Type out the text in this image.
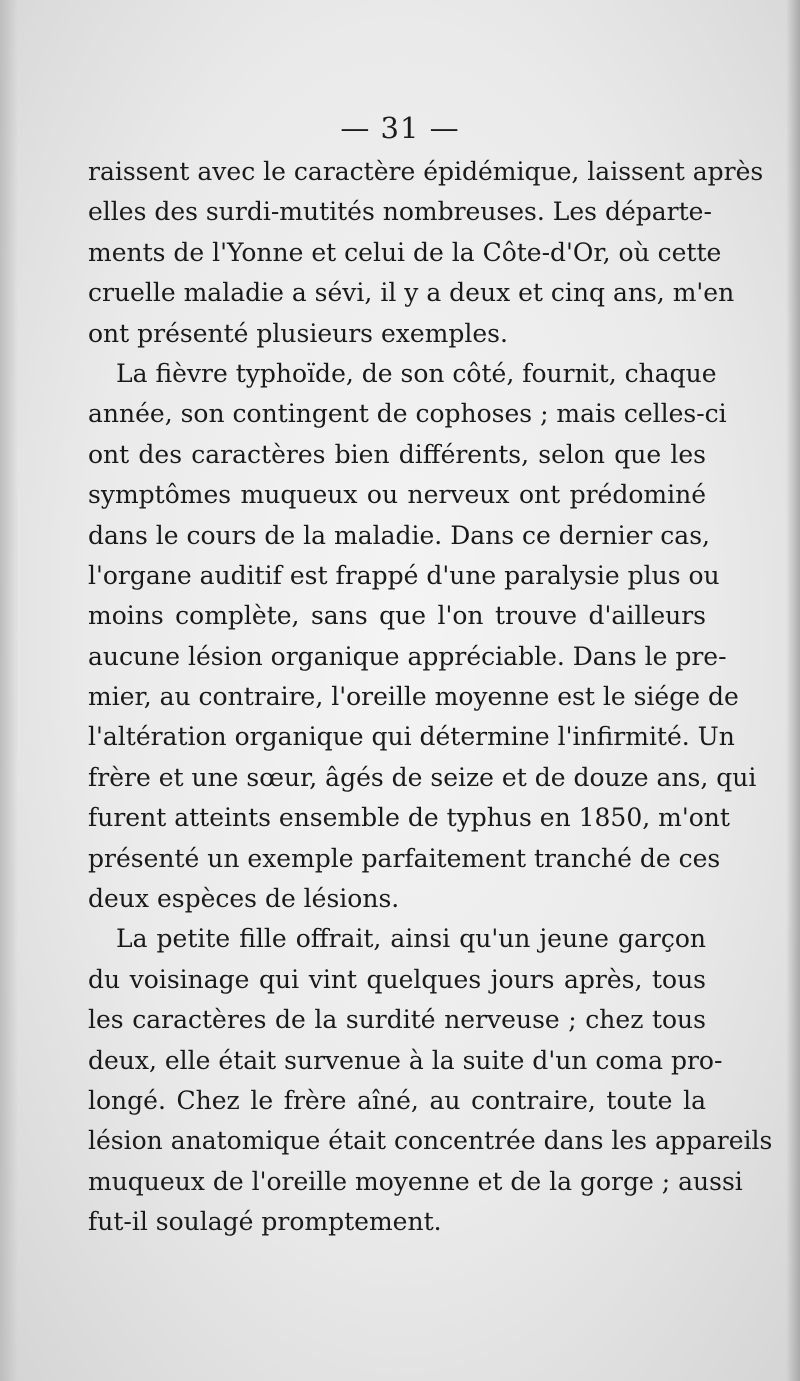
— 31 —
raissent avec le caractère épidémique, laissent après
elles des surdi-mutités nombreuses. Les départe-
ments de l'Yonne et celui de la Côte-d'Or, où cette
cruelle maladie a sévi, il y a deux et cinq ans, m'en
ont présenté plusieurs exemples.
La fièvre typhoïde, de son côté, fournit, chaque
année, son contingent de cophoses ; mais celles-ci
ont des caractères bien différents, selon que les
symptômes muqueux ou nerveux ont prédominé
dans le cours de la maladie. Dans ce dernier cas,
l'organe auditif est frappé d'une paralysie plus ou
moins complète, sans que l'on trouve d'ailleurs
aucune lésion organique appréciable. Dans le pre-
mier, au contraire, l'oreille moyenne est le siége de
l'altération organique qui détermine l'infirmité. Un
frère et une sœur, âgés de seize et de douze ans, qui
furent atteints ensemble de typhus en 1850, m'ont
présenté un exemple parfaitement tranché de ces
deux espèces de lésions.
La petite fille offrait, ainsi qu'un jeune garçon
du voisinage qui vint quelques jours après, tous
les caractères de la surdité nerveuse ; chez tous
deux, elle était survenue à la suite d'un coma pro-
longé. Chez le frère aîné, au contraire, toute la
lésion anatomique était concentrée dans les appareils
muqueux de l'oreille moyenne et de la gorge ; aussi
fut-il soulagé promptement.
